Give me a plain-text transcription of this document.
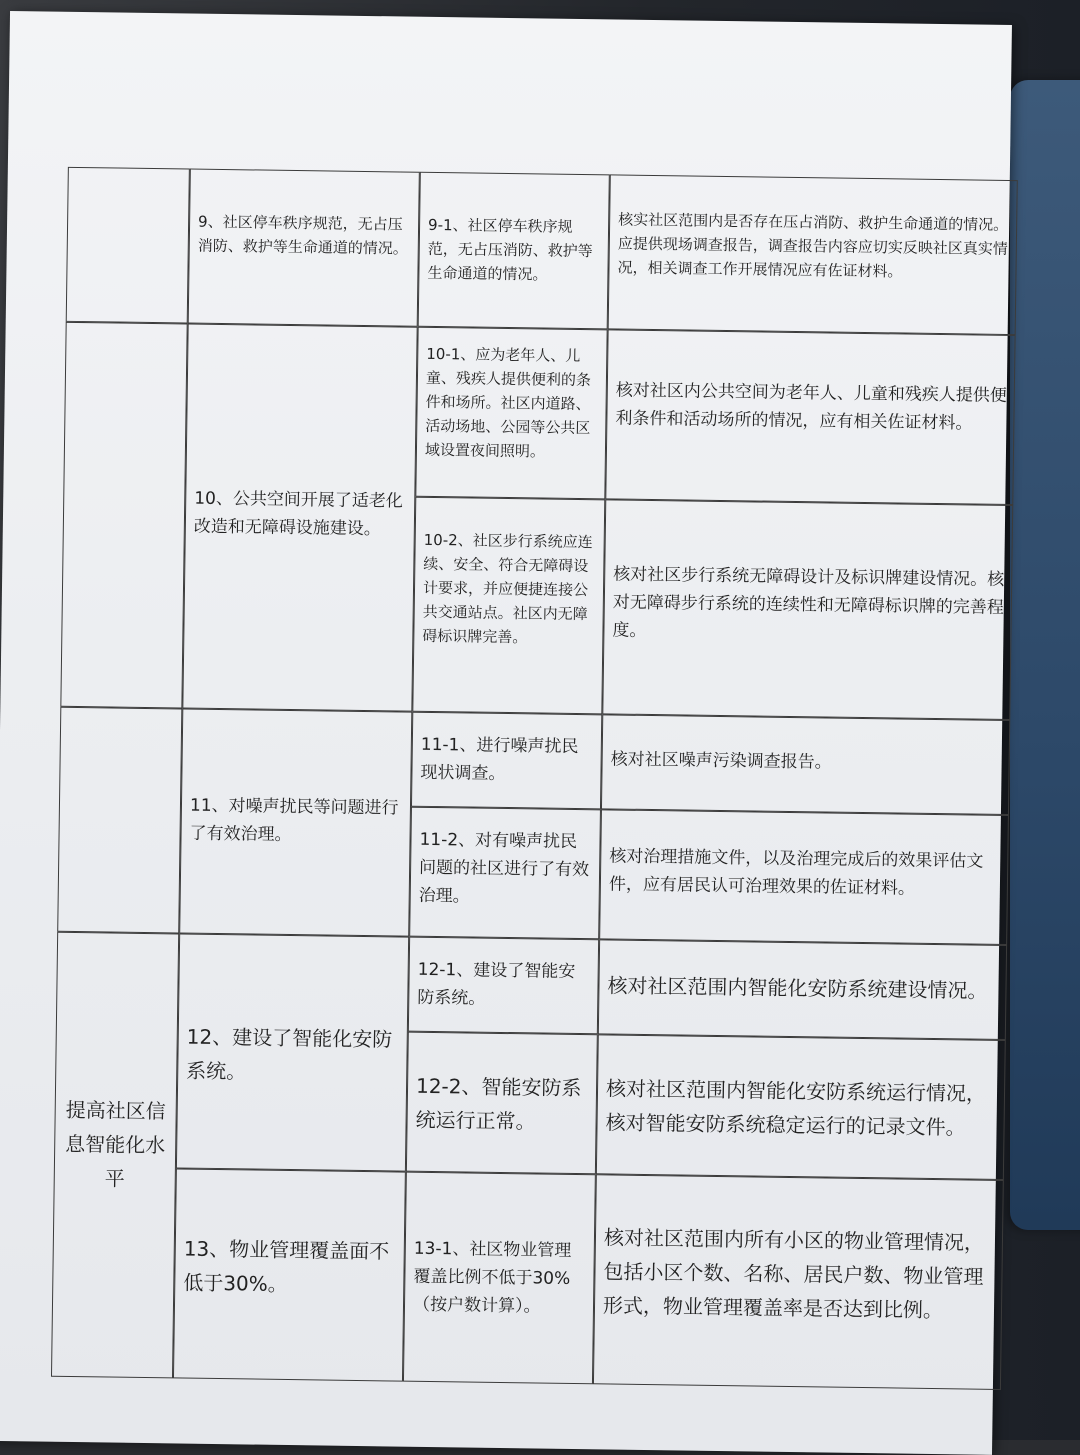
9、社区停车秩序规范，无占压消防、救护等生命通道的情况。
9-1、社区停车秩序规范，无占压消防、救护等生命通道的情况。
核实社区范围内是否存在压占消防、救护生命通道的情况。应提供现场调查报告，调查报告内容应切实反映社区真实情况，相关调查工作开展情况应有佐证材料。
10、公共空间开展了适老化改造和无障碍设施建设。
10-1、应为老年人、儿童、残疾人提供便利的条件和场所。社区内道路、活动场地、公园等公共区域设置夜间照明。
核对社区内公共空间为老年人、儿童和残疾人提供便利条件和活动场所的情况，应有相关佐证材料。
10-2、社区步行系统应连续、安全、符合无障碍设计要求，并应便捷连接公共交通站点。社区内无障碍标识牌完善。
核对社区步行系统无障碍设计及标识牌建设情况。核对无障碍步行系统的连续性和无障碍标识牌的完善程度。
11、对噪声扰民等问题进行了有效治理。
11-1、进行噪声扰民现状调查。
核对社区噪声污染调查报告。
11-2、对有噪声扰民问题的社区进行了有效治理。
核对治理措施文件，以及治理完成后的效果评估文件，应有居民认可治理效果的佐证材料。
提高社区信息智能化水平
12、建设了智能化安防系统。
12-1、建设了智能安防系统。	核对社区范围内智能化安防系统建设情况。
12-2、智能安防系统运行正常。
核对社区范围内智能化安防系统运行情况，核对智能安防系统稳定运行的记录文件。
13、物业管理覆盖面不低于30%。
13-1、社区物业管理覆盖比例不低于30%（按户数计算）。
核对社区范围内所有小区的物业管理情况，包括小区个数、名称、居民户数、物业管理形式，物业管理覆盖率是否达到比例。
